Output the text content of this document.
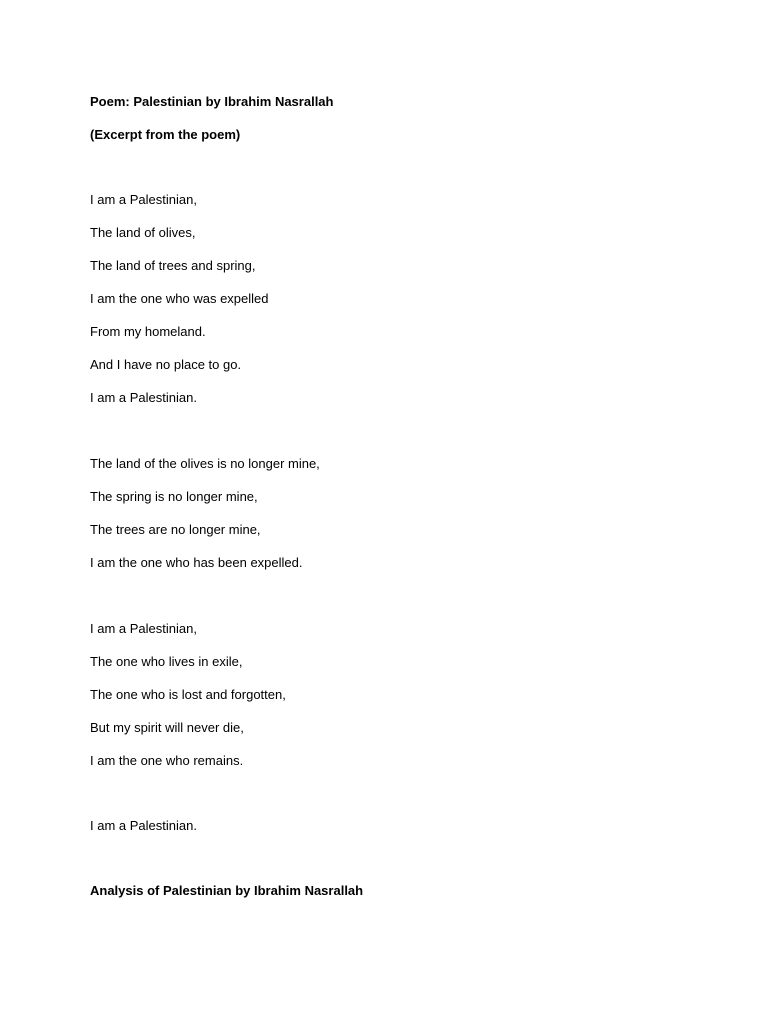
Poem: Palestinian by Ibrahim Nasrallah
(Excerpt from the poem)
I am a Palestinian,
The land of olives,
The land of trees and spring,
I am the one who was expelled
From my homeland.
And I have no place to go.
I am a Palestinian.
The land of the olives is no longer mine,
The spring is no longer mine,
The trees are no longer mine,
I am the one who has been expelled.
I am a Palestinian,
The one who lives in exile,
The one who is lost and forgotten,
But my spirit will never die,
I am the one who remains.
I am a Palestinian.
Analysis of Palestinian by Ibrahim Nasrallah
